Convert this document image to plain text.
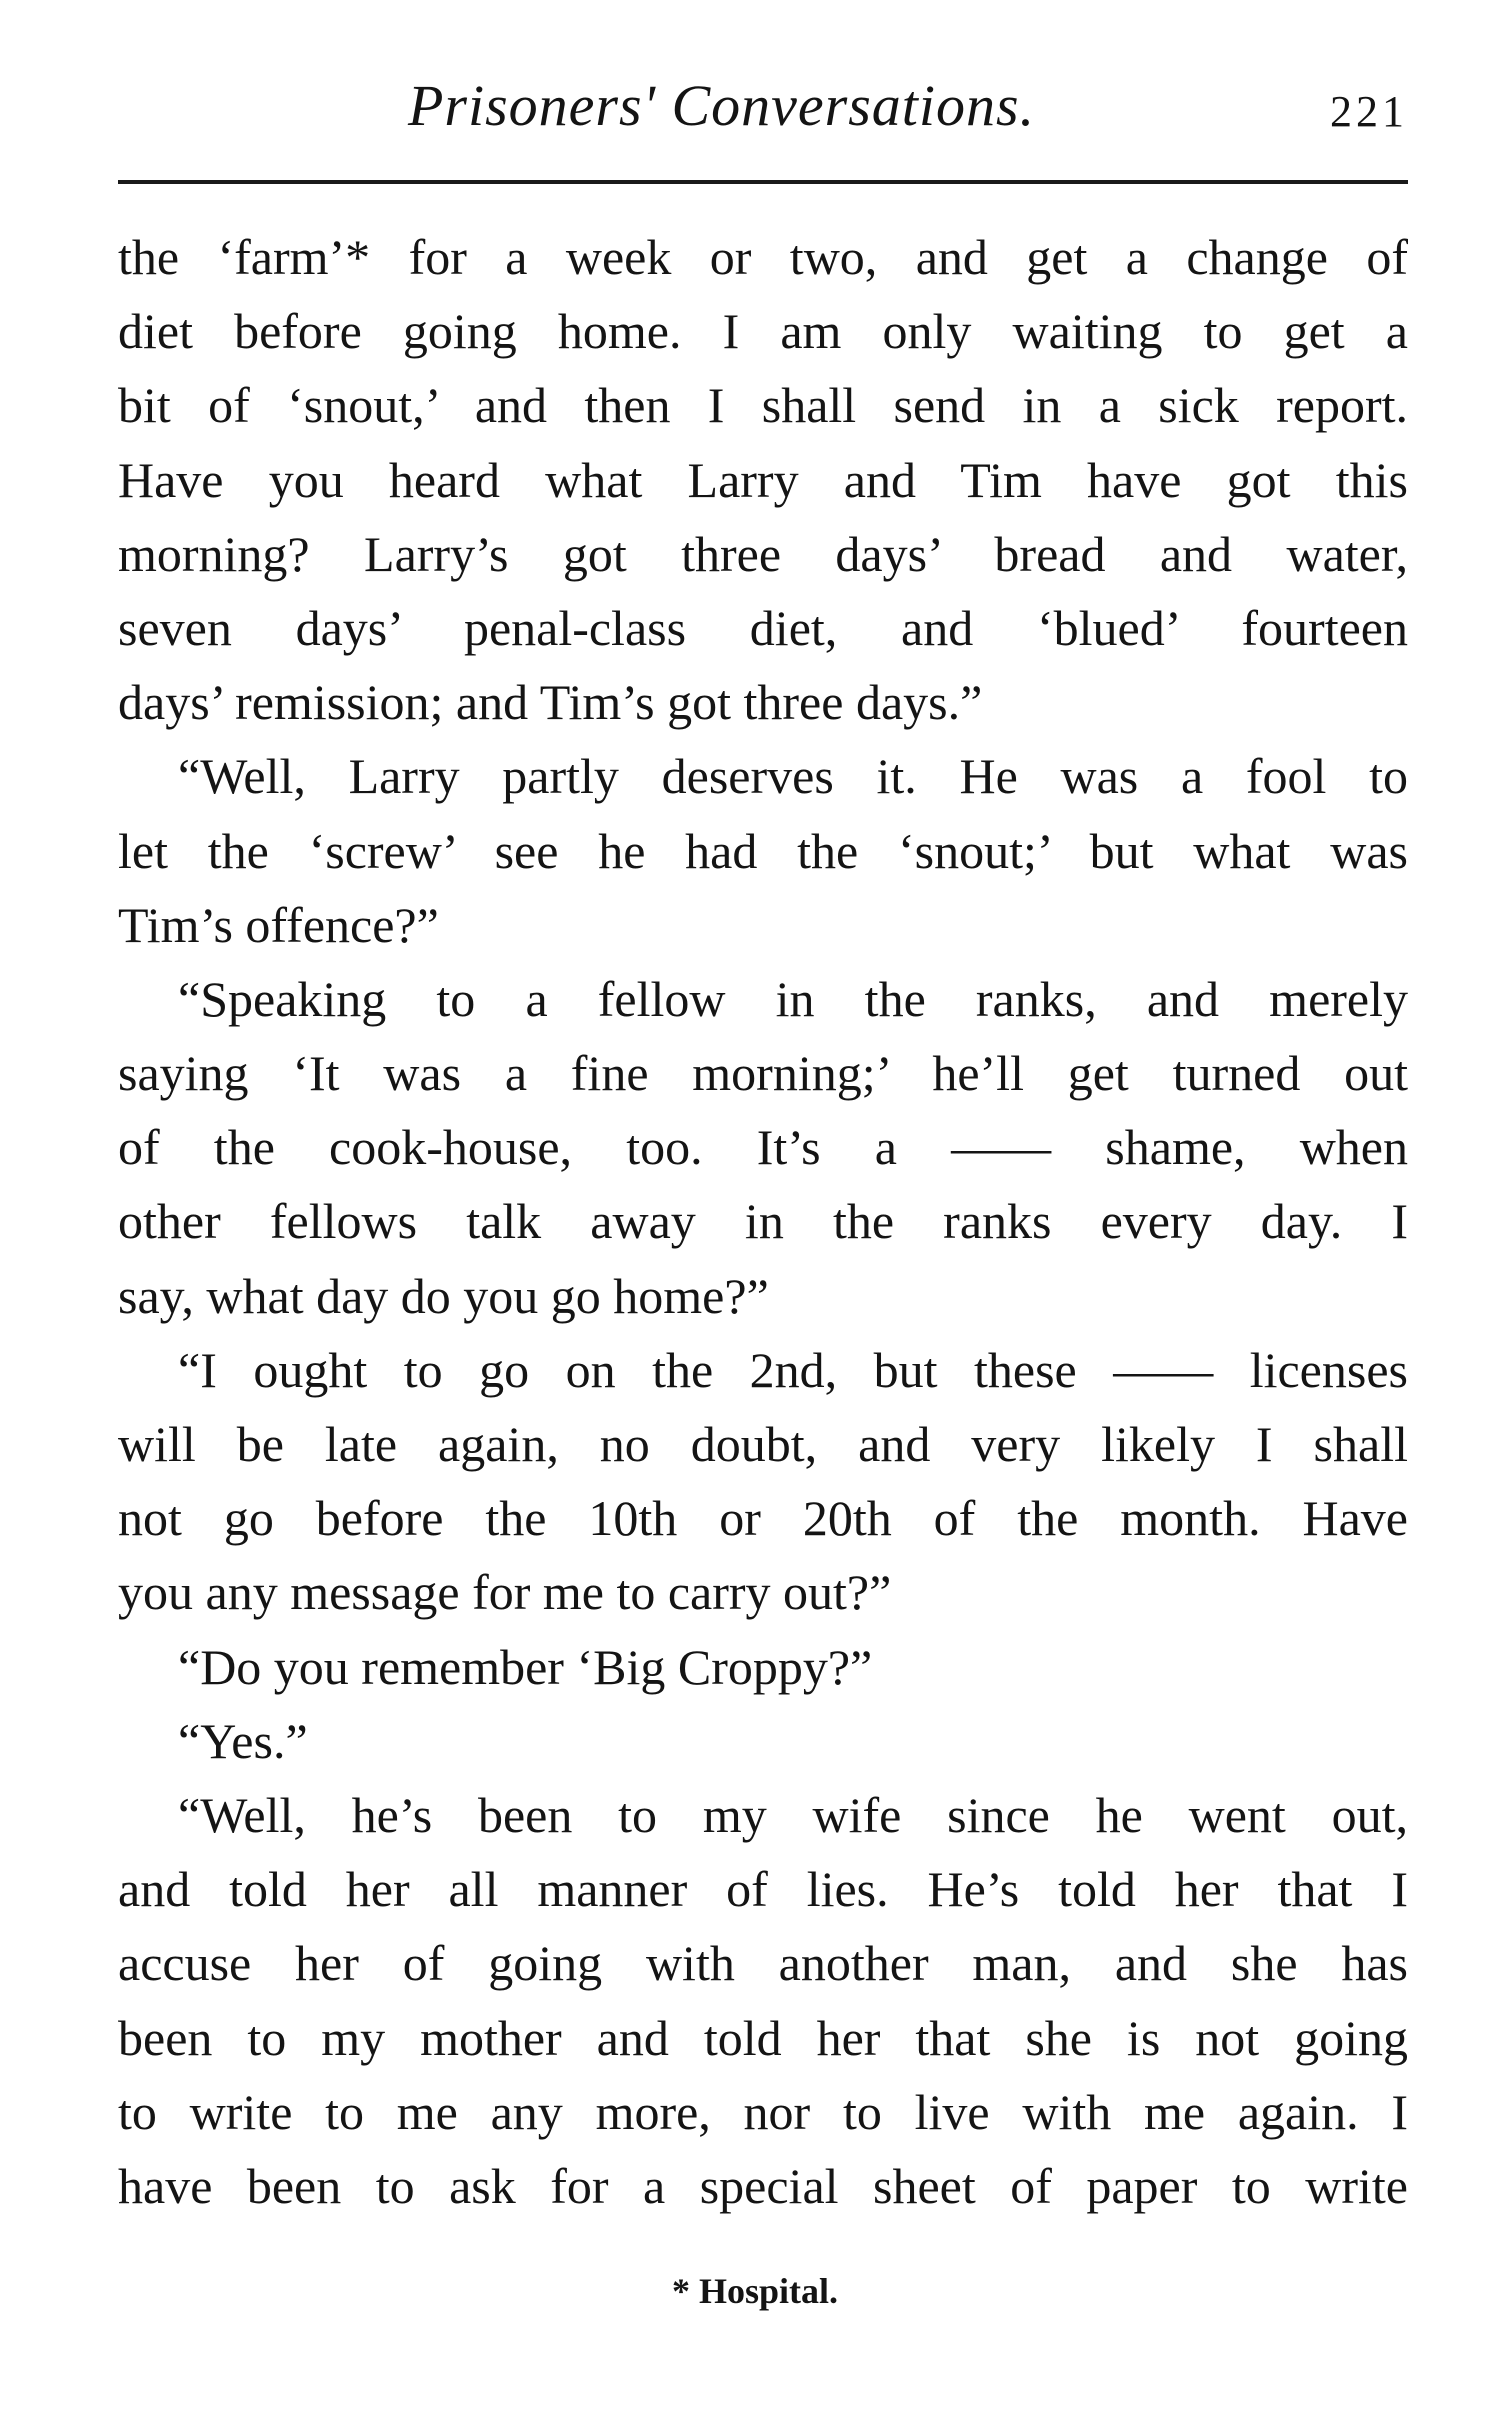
Prisoners' Conversations.	221
the ‘farm’* for a week or two, and get a change of
diet before going home. I am only waiting to get a
bit of ‘snout,’ and then I shall send in a sick report.
Have you heard what Larry and Tim have got this
morning? Larry’s got three days’ bread and water,
seven days’ penal-class diet, and ‘blued’ fourteen
days’ remission; and Tim’s got three days.”
“Well, Larry partly deserves it. He was a fool to
let the ‘screw’ see he had the ‘snout;’ but what was
Tim’s offence?”
“Speaking to a fellow in the ranks, and merely
saying ‘It was a fine morning;’ he’ll get turned out
of the cook-house, too. It’s a —— shame, when
other fellows talk away in the ranks every day. I
say, what day do you go home?”
“I ought to go on the 2nd, but these —— licenses
will be late again, no doubt, and very likely I shall
not go before the 10th or 20th of the month. Have
you any message for me to carry out?”
“Do you remember ‘Big Croppy?”
“Yes.”
“Well, he’s been to my wife since he went out,
and told her all manner of lies. He’s told her that I
accuse her of going with another man, and she has
been to my mother and told her that she is not going
to write to me any more, nor to live with me again. I
have been to ask for a special sheet of paper to write
* Hospital.
